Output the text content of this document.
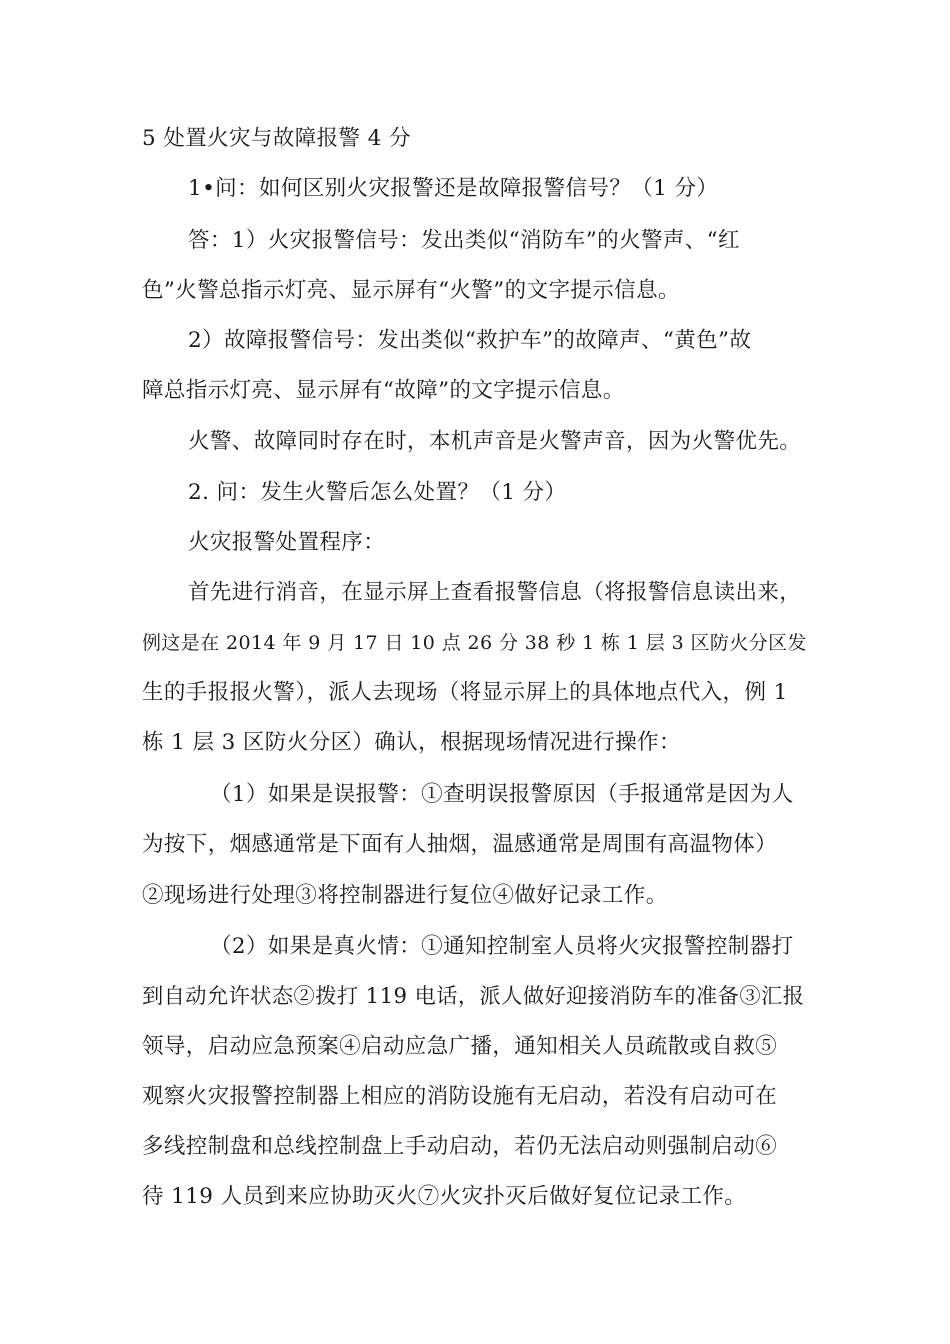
5 处置火灾与故障报警 4 分
1•问：如何区别火灾报警还是故障报警信号？（1 分）
答：1）火灾报警信号：发出类似“消防车”的火警声、“红
色”火警总指示灯亮、显示屏有“火警”的文字提示信息。
2）故障报警信号：发出类似“救护车”的故障声、“黄色”故
障总指示灯亮、显示屏有“故障”的文字提示信息。
火警、故障同时存在时，本机声音是火警声音，因为火警优先。
2. 问：发生火警后怎么处置？（1 分）
火灾报警处置程序：
首先进行消音，在显示屏上查看报警信息（将报警信息读出来，
例这是在 2014 年 9 月 17 日 10 点 26 分 38 秒 1 栋 1 层 3 区防火分区发
生的手报报火警），派人去现场（将显示屏上的具体地点代入，例 1
栋 1 层 3 区防火分区）确认，根据现场情况进行操作：
（1）如果是误报警：①查明误报警原因（手报通常是因为人
为按下，烟感通常是下面有人抽烟，温感通常是周围有高温物体）
②现场进行处理③将控制器进行复位④做好记录工作。
（2）如果是真火情：①通知控制室人员将火灾报警控制器打
到自动允许状态②拨打 119 电话，派人做好迎接消防车的准备③汇报
领导，启动应急预案④启动应急广播，通知相关人员疏散或自救⑤
观察火灾报警控制器上相应的消防设施有无启动，若没有启动可在
多线控制盘和总线控制盘上手动启动，若仍无法启动则强制启动⑥
待 119 人员到来应协助灭火⑦火灾扑灭后做好复位记录工作。
